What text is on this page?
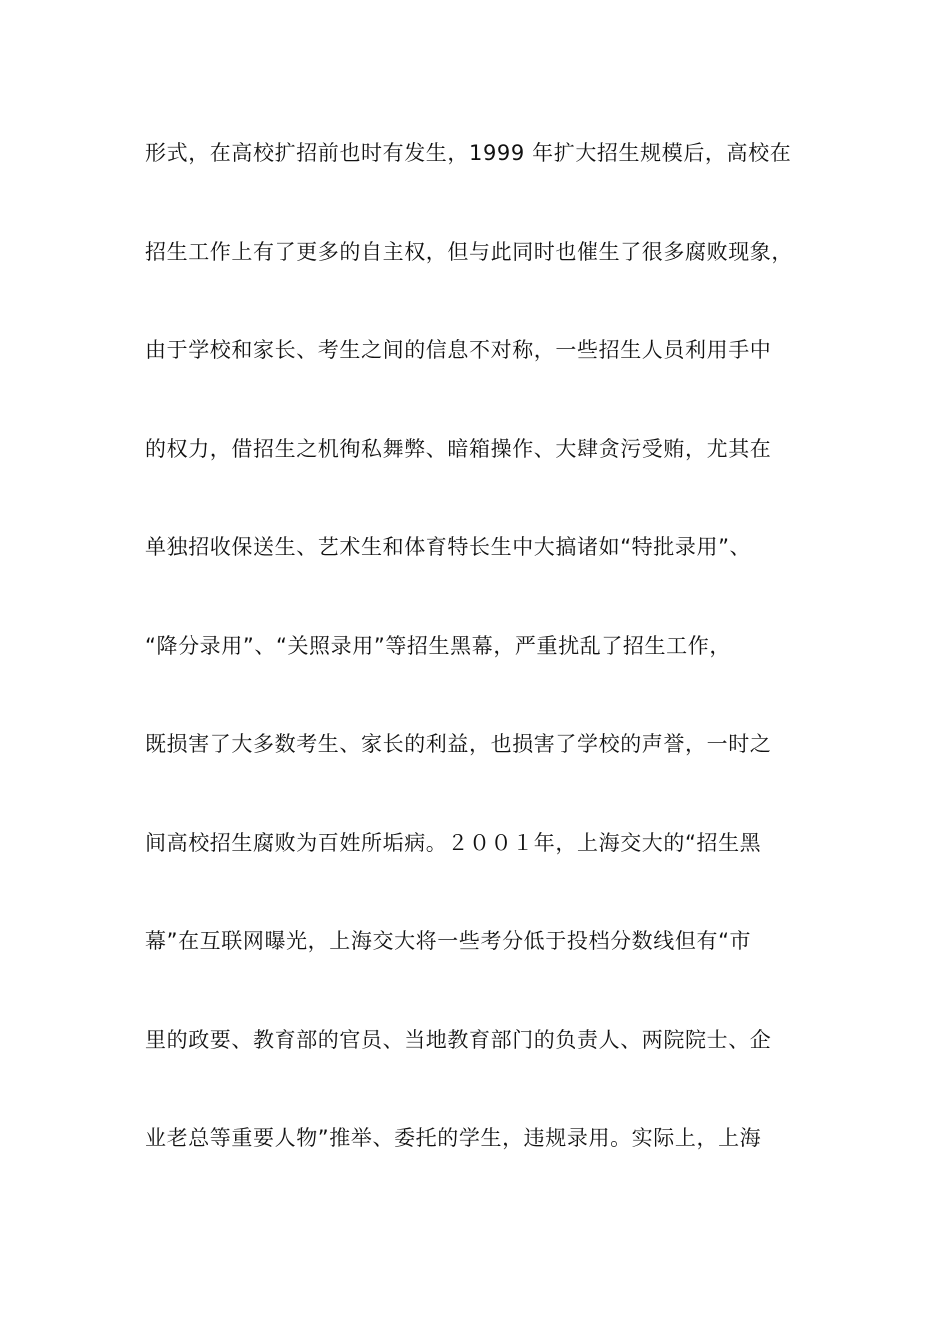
形式，在高校扩招前也时有发生，1999 年扩大招生规模后，高校在
招生工作上有了更多的自主权，但与此同时也催生了很多腐败现象，
由于学校和家长、考生之间的信息不对称，一些招生人员利用手中
的权力，借招生之机徇私舞弊、暗箱操作、大肆贪污受贿，尤其在
单独招收保送生、艺术生和体育特长生中大搞诸如“特批录用”、
“降分录用”、“关照录用”等招生黑幕，严重扰乱了招生工作，
既损害了大多数考生、家长的利益，也损害了学校的声誉，一时之
间高校招生腐败为百姓所垢病。２００１年，上海交大的“招生黑
幕”在互联网曝光，上海交大将一些考分低于投档分数线但有“市
里的政要、教育部的官员、当地教育部门的负责人、两院院士、企
业老总等重要人物”推举、委托的学生，违规录用。实际上，上海
